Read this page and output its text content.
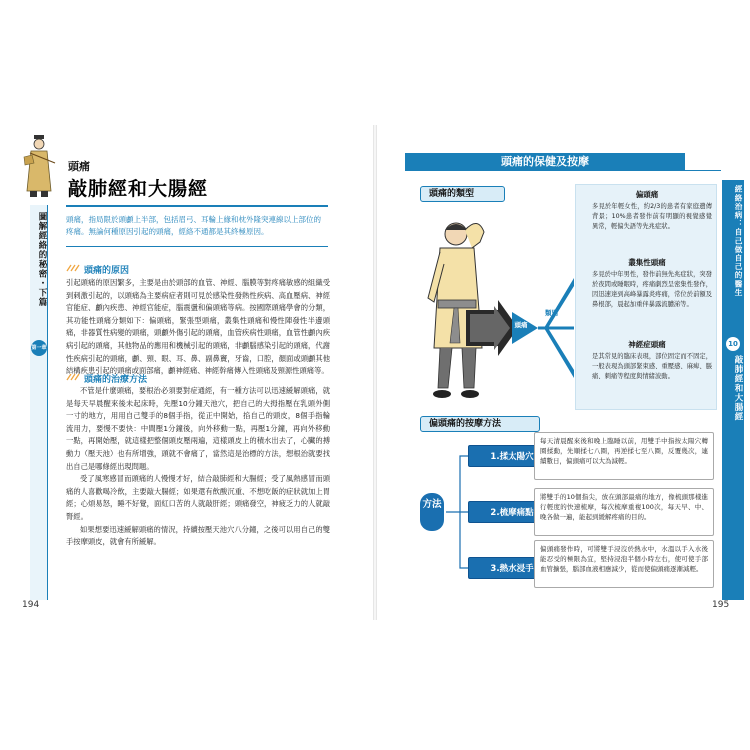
頭痛
敲肺經和大腸經
圖解經絡的秘密・下篇
第一章
頭痛，指局限於頭顱上半部，包括眉弓、耳輪上緣和枕外隆突連線以上部位的疼痛。無論何種原因引起的頭痛，經絡不通都是其終極原因。
頭痛的原因
引起頭痛的原因繁多，主要是由於頭部的血管、神經、腦膜等對疼痛敏感的組織受到刺激引起的，以頭痛為主要病症者則可見於感染性發熱性疾病、高血壓病、神經官能症、顱內疾患、神經官能症，腦震盪和偏頭痛等病。按國際頭痛學會的分類，其功能性頭痛分類如下：偏頭痛，緊張型頭痛，叢集性頭痛和慢性陣發性半邊頭痛，非器質性病變的頭痛，頭顱外傷引起的頭痛，血管疾病性頭痛，血管性顱內疾病引起的頭痛，其他物品的應用和機械引起的頭痛，非顱腦感染引起的頭痛，代謝性疾病引起的頭痛，顱、頸、眼、耳、鼻、副鼻竇，牙齒，口腔，顏面或頭顱其他結構疾患引起的頭痛或面部痛，顱神經痛、神經幹痛傳入性頭痛及頸源性頭痛等。
頭痛的治療方法

不管是什麼頭痛，要根治必須要對症通經，有一種方法可以迅速緩解頭痛，就是每天早晨醒來後未起床時，先壓10分鐘天池穴，把自己的大拇指壓在乳頭外側一寸的地方，用用自己雙手的8個手指，從正中開始，掐自己的頭皮，8個手指輪流用力，要慢不要快：中間壓1分鐘後，向外移動一點，再壓1分鐘，再向外移動一點，再開始壓，就這樣把整個頭皮壓兩遍，這樣頭皮上的積水出去了，心臟的搏動力（壓天池）也有所增強，頭就不會痛了，當然這是治標的方法，想根治就要找出自己是哪條經出現問題。

受了風寒感冒而頭痛的人慢慢才好，結合敲肺經和大腸經；受了風熱感冒而頭痛的人喜歡喝冷飲，主要敲大腸經；如果還有飲酸沉重、不想吃飯的症狀就加上胃經；心煩易怒，睡不好覺，面紅口苦的人就敲肝經；頭痛發空，神疲乏力的人就敲腎經。

如果想要迅速緩解頭痛的情況，持續按壓天池穴八分鐘，之後可以用自己的雙手按摩頭皮，就會有所緩解。

194
頭痛的保健及按摩
經絡治病：自己做自己的醫生
10
敲肺經和大腸經
頭痛的類型
頭痛
類別
偏頭痛
多見於年輕女性，約2/3的患者有家庭遺傳背景；10%患者發作前有明顯的視覺感覺異常，輕偏失語等先兆症狀。
叢集性頭痛
多見於中年男性，發作前無先兆症狀，突發於夜間或睡眠時，疼痛劇烈呈密集性發作，因迅速達到高峰暴露炎疼痛，常位於前額及鼻根部，晨起加重伴暴露流膿涕等。
神經症頭痛
是其常見的臨床表現，部位固定而不固定，一般表現為頭部緊束感、重壓感、麻痺、脹痛、刺痛等程度與情緒波動。
偏頭痛的按摩方法
方法
1.揉太陽穴
每天清晨醒來後和晚上臨睡以前，用雙手中指按太陽穴轉圈揉動，先順揉七八圈，再逆揉七至八圈，反覆幾次，連續數日，偏頭痛可以大為減輕。
2.梳摩痛點
將雙手的10個指尖，放在頭部最痛的地方，像梳頭那樣進行輕度的快速梳摩，每次梳摩重複100次，每天早、中、晚各做一遍，能起到緩解疼痛的目的。
3.熱水浸手
偏頭痛發作時，可將雙手浸沒於熱水中，水溫以手入水後能忍受的極限為宜，堅持浸泡半個小時左右，使可使手部血管擴張，腦部血液相應減少，從而使偏頭痛逐漸減輕。
195
